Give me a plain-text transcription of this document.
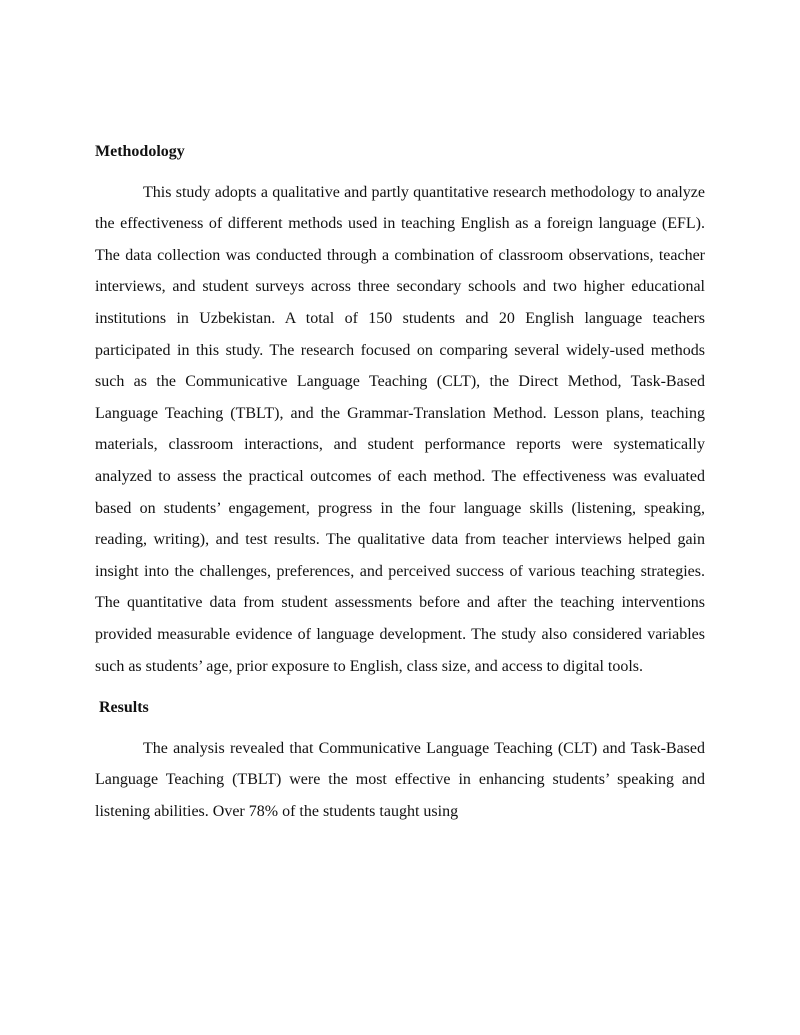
Methodology

This study adopts a qualitative and partly quantitative research methodology to analyze the effectiveness of different methods used in teaching English as a foreign language (EFL). The data collection was conducted through a combination of classroom observations, teacher interviews, and student surveys across three secondary schools and two higher educational institutions in Uzbekistan. A total of 150 students and 20 English language teachers participated in this study. The research focused on comparing several widely-used methods such as the Communicative Language Teaching (CLT), the Direct Method, Task-Based Language Teaching (TBLT), and the Grammar-Translation Method. Lesson plans, teaching materials, classroom interactions, and student performance reports were systematically analyzed to assess the practical outcomes of each method. The effectiveness was evaluated based on students’ engagement, progress in the four language skills (listening, speaking, reading, writing), and test results. The qualitative data from teacher interviews helped gain insight into the challenges, preferences, and perceived success of various teaching strategies. The quantitative data from student assessments before and after the teaching interventions provided measurable evidence of language development. The study also considered variables such as students’ age, prior exposure to English, class size, and access to digital tools.

Results

The analysis revealed that Communicative Language Teaching (CLT) and Task-Based Language Teaching (TBLT) were the most effective in enhancing students’ speaking and listening abilities. Over 78% of the students taught using
